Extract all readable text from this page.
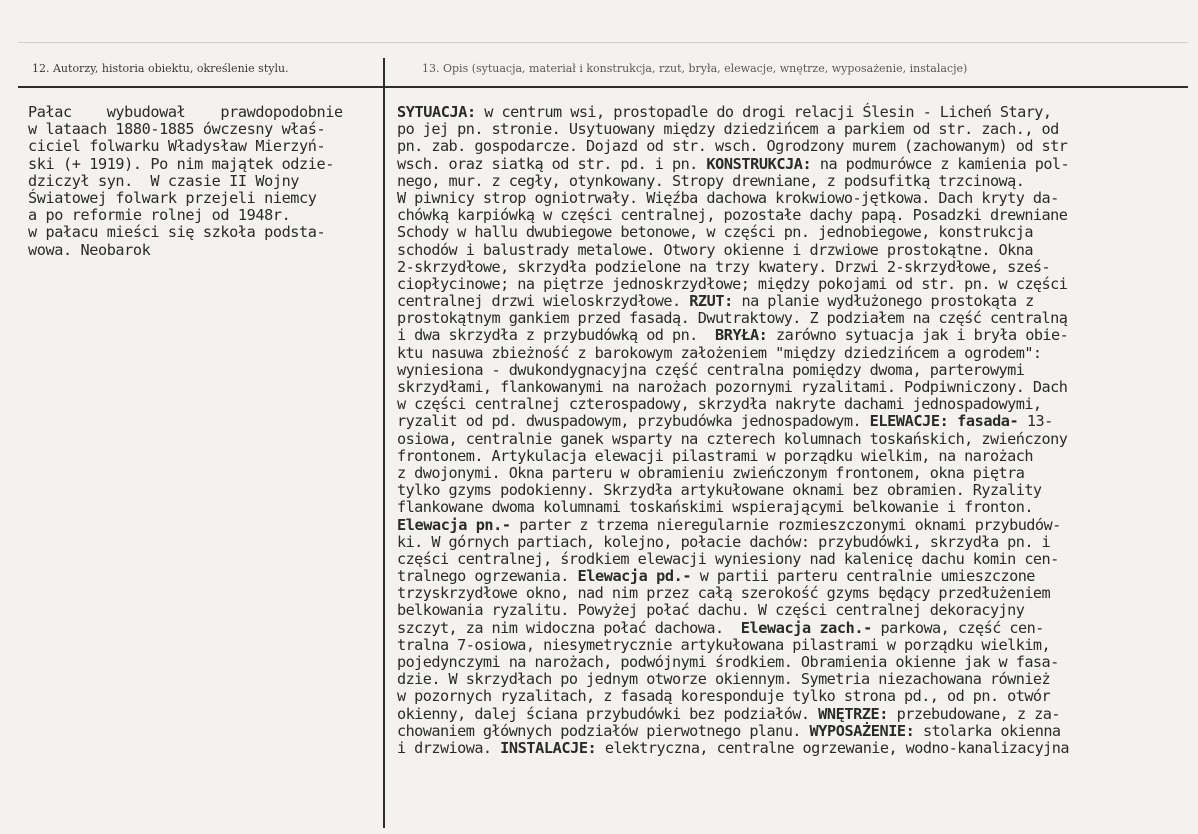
12. Autorzy, historia obiektu, określenie stylu.	13. Opis (sytuacja, materiał i konstrukcja, rzut, bryła, elewacje, wnętrze, wyposażenie, instalacje)
Pałac    wybudował    prawdopodobnie
w lataach 1880-1885 ówczesny właś-
ciciel folwarku Władysław Mierzyń-
ski (+ 1919). Po nim majątek odzie-
dziczył syn.  W czasie II Wojny
Światowej folwark przejeli niemcy
a po reformie rolnej od 1948r.
w pałacu mieści się szkoła podsta-
wowa. Neobarok
SYTUACJA: w centrum wsi, prostopadle do drogi relacji Ślesin - Licheń Stary,
po jej pn. stronie. Usytuowany między dziedzińcem a parkiem od str. zach., od
pn. zab. gospodarcze. Dojazd od str. wsch. Ogrodzony murem (zachowanym) od str
wsch. oraz siatką od str. pd. i pn. KONSTRUKCJA: na podmurówce z kamienia pol-
nego, mur. z cegły, otynkowany. Stropy drewniane, z podsufitką trzcinową.
W piwnicy strop ogniotrwały. Więźba dachowa krokwiowo-jętkowa. Dach kryty da-
chówką karpiówką w części centralnej, pozostałe dachy papą. Posadzki drewniane
Schody w hallu dwubiegowe betonowe, w części pn. jednobiegowe, konstrukcja
schodów i balustrady metalowe. Otwory okienne i drzwiowe prostokątne. Okna
2-skrzydłowe, skrzydła podzielone na trzy kwatery. Drzwi 2-skrzydłowe, sześ-
ciopłycinowe; na piętrze jednoskrzydłowe; między pokojami od str. pn. w części
centralnej drzwi wieloskrzydłowe. RZUT: na planie wydłużonego prostokąta z
prostokątnym gankiem przed fasadą. Dwutraktowy. Z podziałem na część centralną
i dwa skrzydła z przybudówką od pn.  BRYŁA: zarówno sytuacja jak i bryła obie-
ktu nasuwa zbieżność z barokowym założeniem "między dziedzińcem a ogrodem":
wyniesiona - dwukondygnacyjna część centralna pomiędzy dwoma, parterowymi
skrzydłami, flankowanymi na narożach pozornymi ryzalitami. Podpiwniczony. Dach
w części centralnej czterospadowy, skrzydła nakryte dachami jednospadowymi,
ryzalit od pd. dwuspadowym, przybudówka jednospadowym. ELEWACJE: fasada- 13-
osiowa, centralnie ganek wsparty na czterech kolumnach toskańskich, zwieńczony
frontonem. Artykulacja elewacji pilastrami w porządku wielkim, na narożach
z dwojonymi. Okna parteru w obramieniu zwieńczonym frontonem, okna piętra
tylko gzyms podokienny. Skrzydła artykułowane oknami bez obramien. Ryzality
flankowane dwoma kolumnami toskańskimi wspierającymi belkowanie i fronton.
Elewacja pn.- parter z trzema nieregularnie rozmieszczonymi oknami przybudów-
ki. W górnych partiach, kolejno, połacie dachów: przybudówki, skrzydła pn. i
części centralnej, środkiem elewacji wyniesiony nad kalenicę dachu komin cen-
tralnego ogrzewania. Elewacja pd.- w partii parteru centralnie umieszczone
trzyskrzydłowe okno, nad nim przez całą szerokość gzyms będący przedłużeniem
belkowania ryzalitu. Powyżej połać dachu. W części centralnej dekoracyjny
szczyt, za nim widoczna połać dachowa.  Elewacja zach.- parkowa, część cen-
tralna 7-osiowa, niesymetrycznie artykułowana pilastrami w porządku wielkim,
pojedynczymi na narożach, podwójnymi środkiem. Obramienia okienne jak w fasa-
dzie. W skrzydłach po jednym otworze okiennym. Symetria niezachowana również
w pozornych ryzalitach, z fasadą koresponduje tylko strona pd., od pn. otwór
okienny, dalej ściana przybudówki bez podziałów. WNĘTRZE: przebudowane, z za-
chowaniem głównych podziałów pierwotnego planu. WYPOSAŻENIE: stolarka okienna
i drzwiowa. INSTALACJE: elektryczna, centralne ogrzewanie, wodno-kanalizacyjna
